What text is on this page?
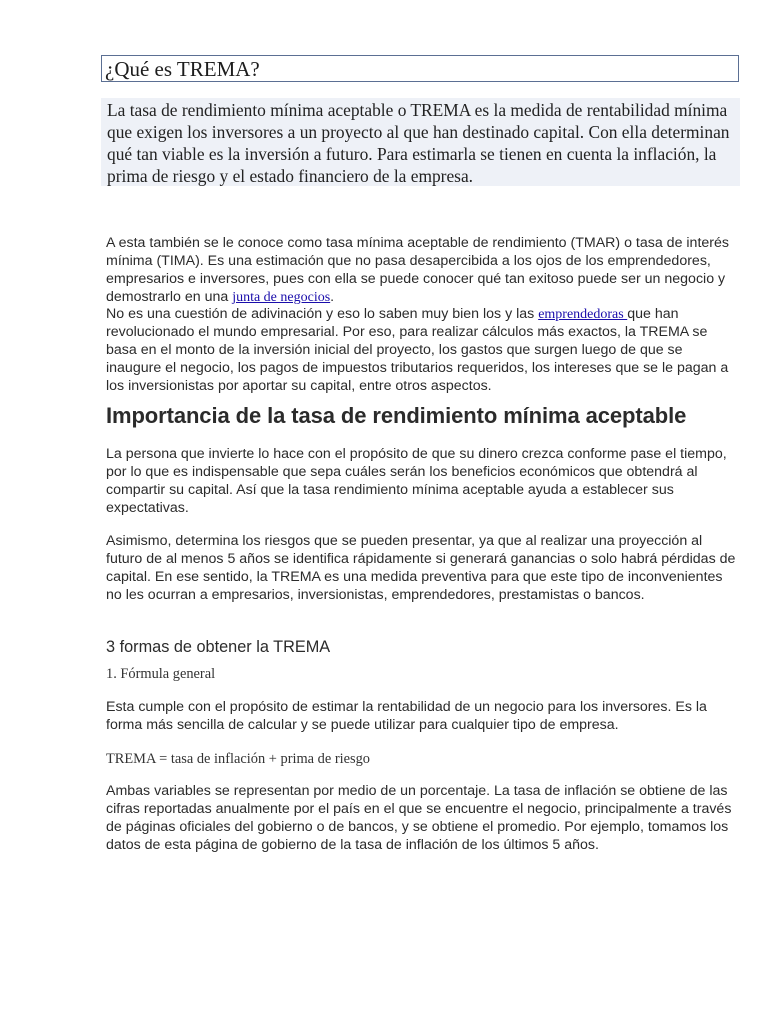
¿Qué es TREMA?
La tasa de rendimiento mínima aceptable o TREMA es la medida de rentabilidad mínima que exigen los inversores a un proyecto al que han destinado capital. Con ella determinan qué tan viable es la inversión a futuro. Para estimarla se tienen en cuenta la inflación, la prima de riesgo y el estado financiero de la empresa.

A esta también se le conoce como tasa mínima aceptable de rendimiento (TMAR) o tasa de interés mínima (TIMA). Es una estimación que no pasa desapercibida a los ojos de los emprendedores, empresarios e inversores, pues con ella se puede conocer qué tan exitoso puede ser un negocio y demostrarlo en una junta de negocios.

No es una cuestión de adivinación y eso lo saben muy bien los y las emprendedoras que han revolucionado el mundo empresarial. Por eso, para realizar cálculos más exactos, la TREMA se basa en el monto de la inversión inicial del proyecto, los gastos que surgen luego de que se inaugure el negocio, los pagos de impuestos tributarios requeridos, los intereses que se le pagan a los inversionistas por aportar su capital, entre otros aspectos.

Importancia de la tasa de rendimiento mínima aceptable

La persona que invierte lo hace con el propósito de que su dinero crezca conforme pase el tiempo, por lo que es indispensable que sepa cuáles serán los beneficios económicos que obtendrá al compartir su capital. Así que la tasa rendimiento mínima aceptable ayuda a establecer sus expectativas.

Asimismo, determina los riesgos que se pueden presentar, ya que al realizar una proyección al futuro de al menos 5 años se identifica rápidamente si generará ganancias o solo habrá pérdidas de capital. En ese sentido, la TREMA es una medida preventiva para que este tipo de inconvenientes no les ocurran a empresarios, inversionistas, emprendedores, prestamistas o bancos.

3 formas de obtener la TREMA
1. Fórmula general

Esta cumple con el propósito de estimar la rentabilidad de un negocio para los inversores. Es la forma más sencilla de calcular y se puede utilizar para cualquier tipo de empresa.

TREMA = tasa de inflación + prima de riesgo

Ambas variables se representan por medio de un porcentaje. La tasa de inflación se obtiene de las cifras reportadas anualmente por el país en el que se encuentre el negocio, principalmente a través de páginas oficiales del gobierno o de bancos, y se obtiene el promedio. Por ejemplo, tomamos los datos de esta página de gobierno de la tasa de inflación de los últimos 5 años.
